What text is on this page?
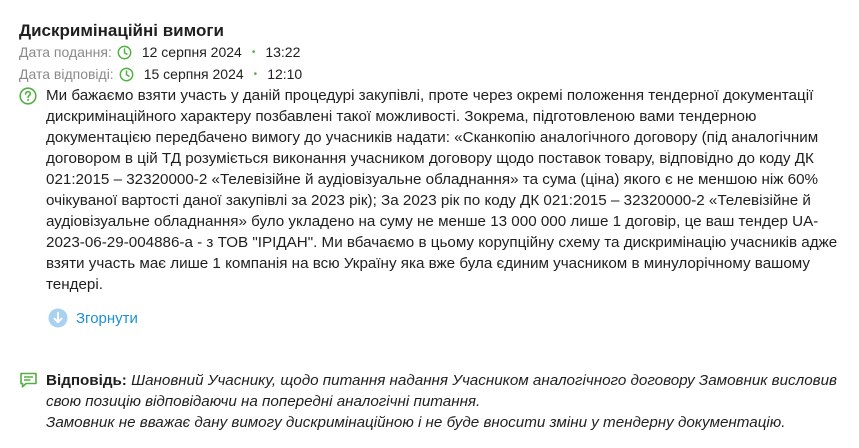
Дискримінаційні вимоги
Дата подання: 12 серпня 2024 • 13:22
Дата відповіді: 15 серпня 2024 • 12:10
Ми бажаємо взяти участь у даній процедурі закупівлі, проте через окремі положення тендерної документації дискримінаційного характеру позбавлені такої можливості. Зокрема, підготовленою вами тендерною документацією передбачено вимогу до учасників надати: «Сканкопію аналогічного договору (під аналогічним договором в цій ТД розуміється виконання учасником договору щодо поставок товару, відповідно до коду ДК 021:2015 – 32320000-2 «Телевізійне й аудіовізуальне обладнання» та сума (ціна) якого є не меншою ніж 60% очікуваної вартості даної закупівлі за 2023 рік); За 2023 рік по коду ДК 021:2015 – 32320000-2 «Телевізійне й аудіовізуальне обладнання» було укладено на суму не менше 13 000 000 лише 1 договір, це ваш тендер UA-2023-06-29-004886-a - з ТОВ "ІРІДАН". Ми вбачаємо в цьому корупційну схему та дискримінацію учасників адже взяти участь має лише 1 компанія на всю Україну яка вже була єдиним учасником в минулорічному вашому тендері.
Згорнути
Відповідь: Шановний Учаснику, щодо питання надання Учасником аналогічного договору Замовник висловив свою позицію відповідаючи на попередні аналогічні питання.
Замовник не вважає дану вимогу дискримінаційною і не буде вносити зміни у тендерну документацію.
